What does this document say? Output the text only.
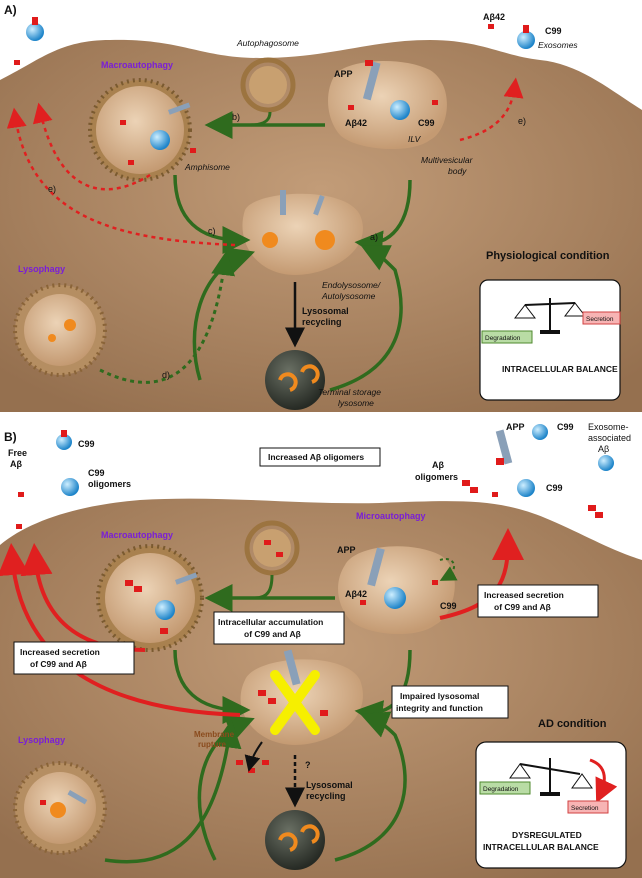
A)	Aβ42
C99
Exosomes
Autophagosome
Macroautophagy
APP
Aβ42	C99
ILV
Amphisome
Multivesicular
body
a)
b)
c)
d)
e)
e)
Endolysosome/
Autolysosome
Lysosomal
recycling
Lysophagy
Terminal storage
lysosome
Physiological condition
Degradation
Secretion
INTRACELLULAR BALANCE
B)
Free
Aβ
C99
C99
oligomers
Increased Aβ oligomers
Aβ
oligomers
APP	C99 Exosome-
associated
Aβ
C99
Macroautophagy
Microautophagy
APP
Aβ42
C99
Increased secretion
of C99 and Aβ
Intracellular accumulation
of C99 and Aβ
Increased secretion
of C99 and Aβ
Impaired lysosomal
integrity and function
AD condition
Lysophagy
Membrane
rupture
?
Lysosomal
recycling
Degradation
Secretion
DYSREGULATED
INTRACELLULAR BALANCE
